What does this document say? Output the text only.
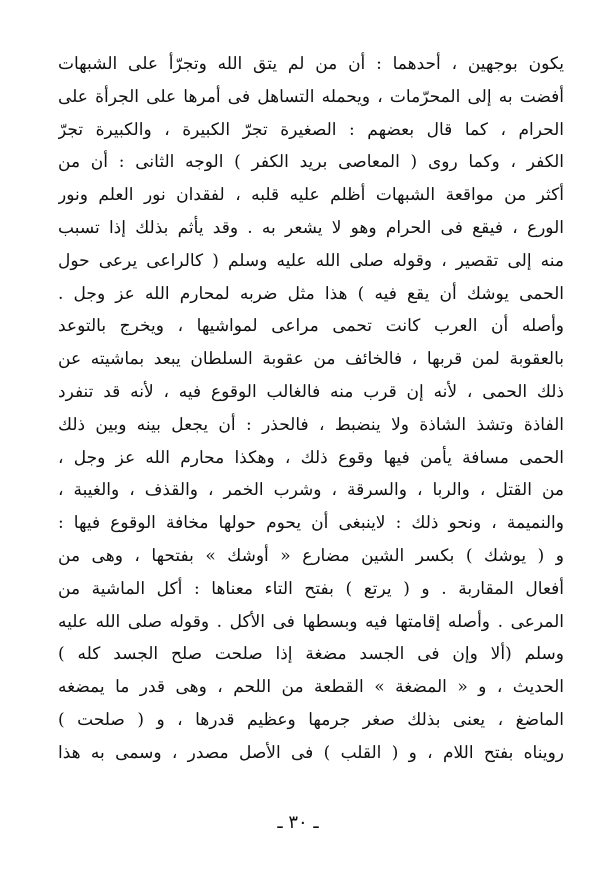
يكون بوجهين ، أحدهما : أن من لم يتق الله وتجرّأ على الشبهات
أفضت به إلى المحرّمات ، ويحمله التساهل فى أمرها على الجرأة على
الحرام ، كما قال بعضهم : الصغيرة تجرّ الكبيرة ، والكبيرة تجرّ
الكفر ، وكما روى ( المعاصى بريد الكفر ) الوجه الثانى : أن من
أكثر من مواقعة الشبهات أظلم عليه قلبه ، لفقدان نور العلم ونور
الورع ، فيقع فى الحرام وهو لا يشعر به . وقد يأثم بذلك إذا تسبب
منه إلى تقصير ، وقوله صلى الله عليه وسلم ( كالراعى يرعى حول
الحمى يوشك أن يقع فيه ) هذا مثل ضربه لمحارم الله عز وجل .
وأصله أن العرب كانت تحمى مراعى لمواشيها ، ويخرج بالتوعد
بالعقوبة لمن قربها ، فالخائف من عقوبة السلطان يبعد بماشيته عن
ذلك الحمى ، لأنه إن قرب منه فالغالب الوقوع فيه ، لأنه قد تنفرد
الفاذة وتشذ الشاذة ولا ينضبط ، فالحذر : أن يجعل بينه وبين ذلك
الحمى مسافة يأمن فيها وقوع ذلك ، وهكذا محارم الله عز وجل ،
من القتل ، والربا ، والسرقة ، وشرب الخمر ، والقذف ، والغيبة ،
والنميمة ، ونحو ذلك : لاينبغى أن يحوم حولها مخافة الوقوع فيها :
و ( يوشك ) بكسر الشين مضارع « أوشك » بفتحها ، وهى من
أفعال المقاربة . و ( يرتع ) بفتح التاء معناها : أكل الماشية من
المرعى . وأصله إقامتها فيه وبسطها فى الأكل . وقوله صلى الله عليه
وسلم (ألا وإن فى الجسد مضغة إذا صلحت صلح الجسد كله )
الحديث ، و « المضغة » القطعة من اللحم ، وهى قدر ما يمضغه
الماضغ ، يعنى بذلك صغر جرمها وعظيم قدرها ، و ( صلحت )
رويناه بفتح اللام ، و ( القلب ) فى الأصل مصدر ، وسمى به هذا
ـ ٣٠ ـ
